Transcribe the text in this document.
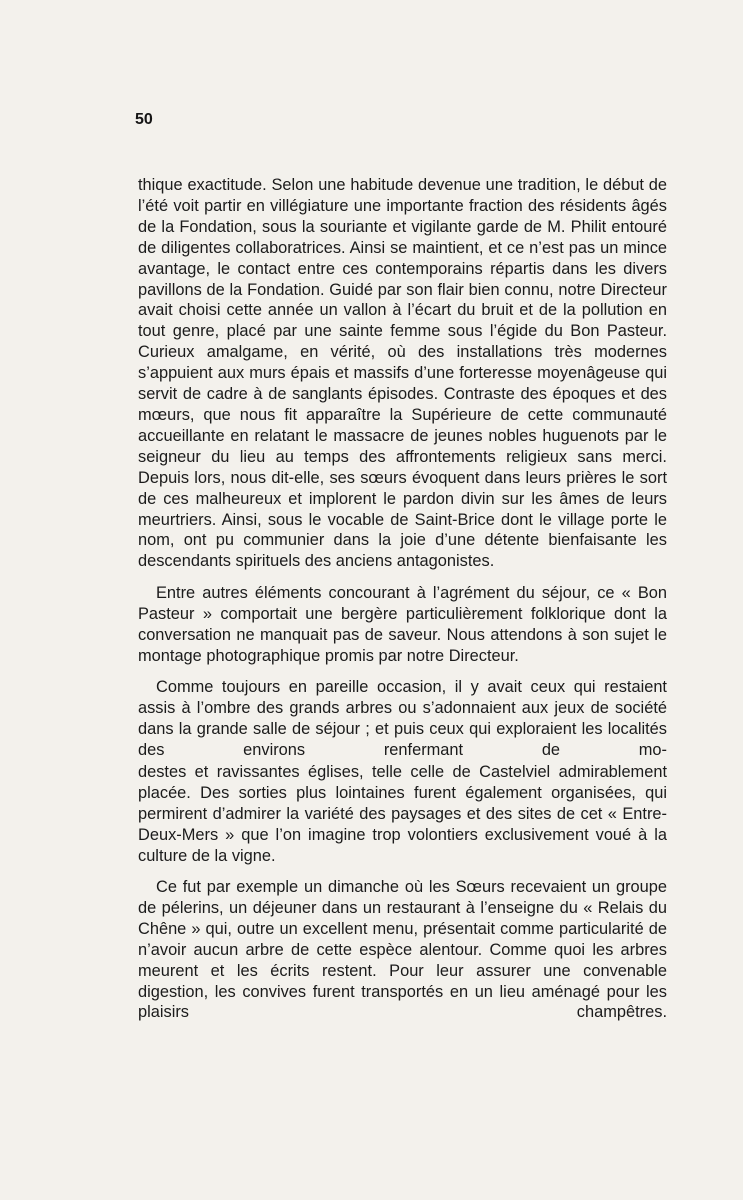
50

thique exactitude. Selon une habitude devenue une tradition, le début de l’été voit partir en villégiature une importante fraction des résidents âgés de la Fondation, sous la souriante et vigilante garde de M. Philit entouré de diligentes collaboratrices. Ainsi se maintient, et ce n’est pas un mince avantage, le contact entre ces contemporains répartis dans les divers pavillons de la Fondation. Guidé par son flair bien connu, notre Directeur avait choisi cette année un vallon à l’écart du bruit et de la pollution en tout genre, placé par une sainte femme sous l’égide du Bon Pasteur. Curieux amalgame, en vérité, où des installations très modernes s’appuient aux murs épais et massifs d’une forteresse moyenâgeuse qui servit de cadre à de sanglants épisodes. Contraste des époques et des mœurs, que nous fit apparaître la Supérieure de cette communauté accueillante en relatant le massacre de jeunes nobles huguenots par le seigneur du lieu au temps des affrontements religieux sans merci. Depuis lors, nous dit-elle, ses sœurs évoquent dans leurs prières le sort de ces malheureux et implorent le pardon divin sur les âmes de leurs meurtriers. Ainsi, sous le vocable de Saint-Brice dont le village porte le nom, ont pu communier dans la joie d’une détente bienfaisante les descendants spirituels des anciens antagonistes.

Entre autres éléments concourant à l’agrément du séjour, ce « Bon Pasteur » comportait une bergère particulièrement folklorique dont la conversation ne manquait pas de saveur. Nous attendons à son sujet le montage photographique promis par notre Directeur.

Comme toujours en pareille occasion, il y avait ceux qui restaient assis à l’ombre des grands arbres ou s’adonnaient aux jeux de société dans la grande salle de séjour ; et puis ceux qui exploraient les localités des environs renfermant de mo-

destes et ravissantes églises, telle celle de Castelviel admirablement placée. Des sorties plus lointaines furent également organisées, qui permirent d’admirer la variété des paysages et des sites de cet « Entre-Deux-Mers » que l’on imagine trop volontiers exclusivement voué à la culture de la vigne.

Ce fut par exemple un dimanche où les Sœurs recevaient un groupe de pélerins, un déjeuner dans un restaurant à l’enseigne du « Relais du Chêne » qui, outre un excellent menu, présentait comme particularité de n’avoir aucun arbre de cette espèce alentour. Comme quoi les arbres meurent et les écrits restent. Pour leur assurer une convenable digestion, les convives furent transportés en un lieu aménagé pour les plaisirs champêtres.
